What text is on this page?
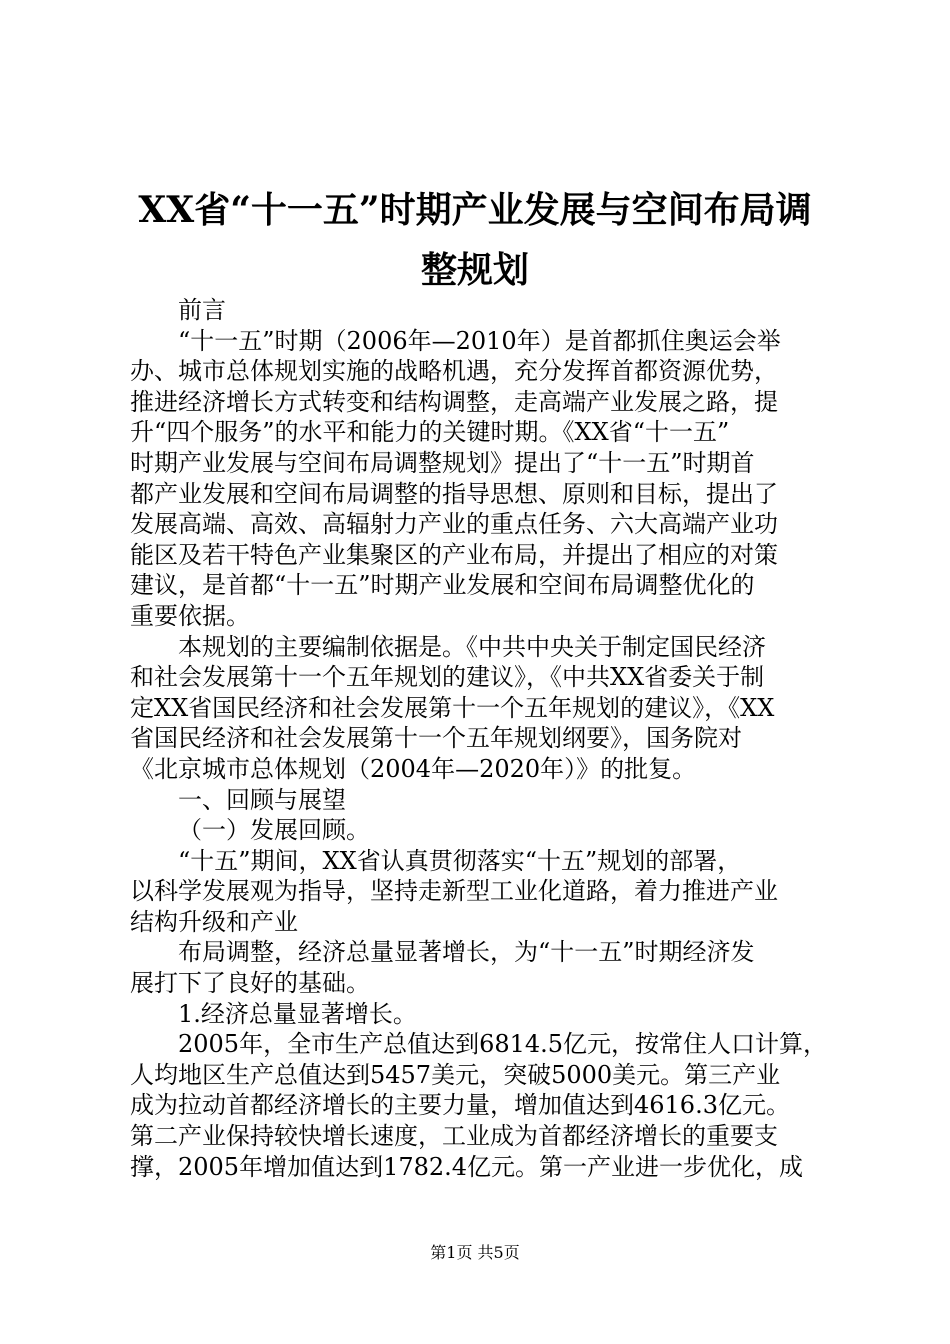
XX省“十一五”时期产业发展与空间布局调
整规划
前言
“十一五”时期（2006年—2010年）是首都抓住奥运会举
办、城市总体规划实施的战略机遇，充分发挥首都资源优势，
推进经济增长方式转变和结构调整，走高端产业发展之路，提
升“四个服务”的水平和能力的关键时期。《XX省“十一五”
时期产业发展与空间布局调整规划》提出了“十一五”时期首
都产业发展和空间布局调整的指导思想、原则和目标，提出了
发展高端、高效、高辐射力产业的重点任务、六大高端产业功
能区及若干特色产业集聚区的产业布局，并提出了相应的对策
建议，是首都“十一五”时期产业发展和空间布局调整优化的
重要依据。
本规划的主要编制依据是。《中共中央关于制定国民经济
和社会发展第十一个五年规划的建议》，《中共XX省委关于制
定XX省国民经济和社会发展第十一个五年规划的建议》，《XX
省国民经济和社会发展第十一个五年规划纲要》，国务院对
《北京城市总体规划（2004年—2020年）》的批复。
一、回顾与展望
（一）发展回顾。
“十五”期间，XX省认真贯彻落实“十五”规划的部署，
以科学发展观为指导，坚持走新型工业化道路，着力推进产业
结构升级和产业
布局调整，经济总量显著增长，为“十一五”时期经济发
展打下了良好的基础。
1.经济总量显著增长。
2005年，全市生产总值达到6814.5亿元，按常住人口计算，
人均地区生产总值达到5457美元，突破5000美元。第三产业
成为拉动首都经济增长的主要力量，增加值达到4616.3亿元。
第二产业保持较快增长速度，工业成为首都经济增长的重要支
撑，2005年增加值达到1782.4亿元。第一产业进一步优化，成
第1页 共5页
